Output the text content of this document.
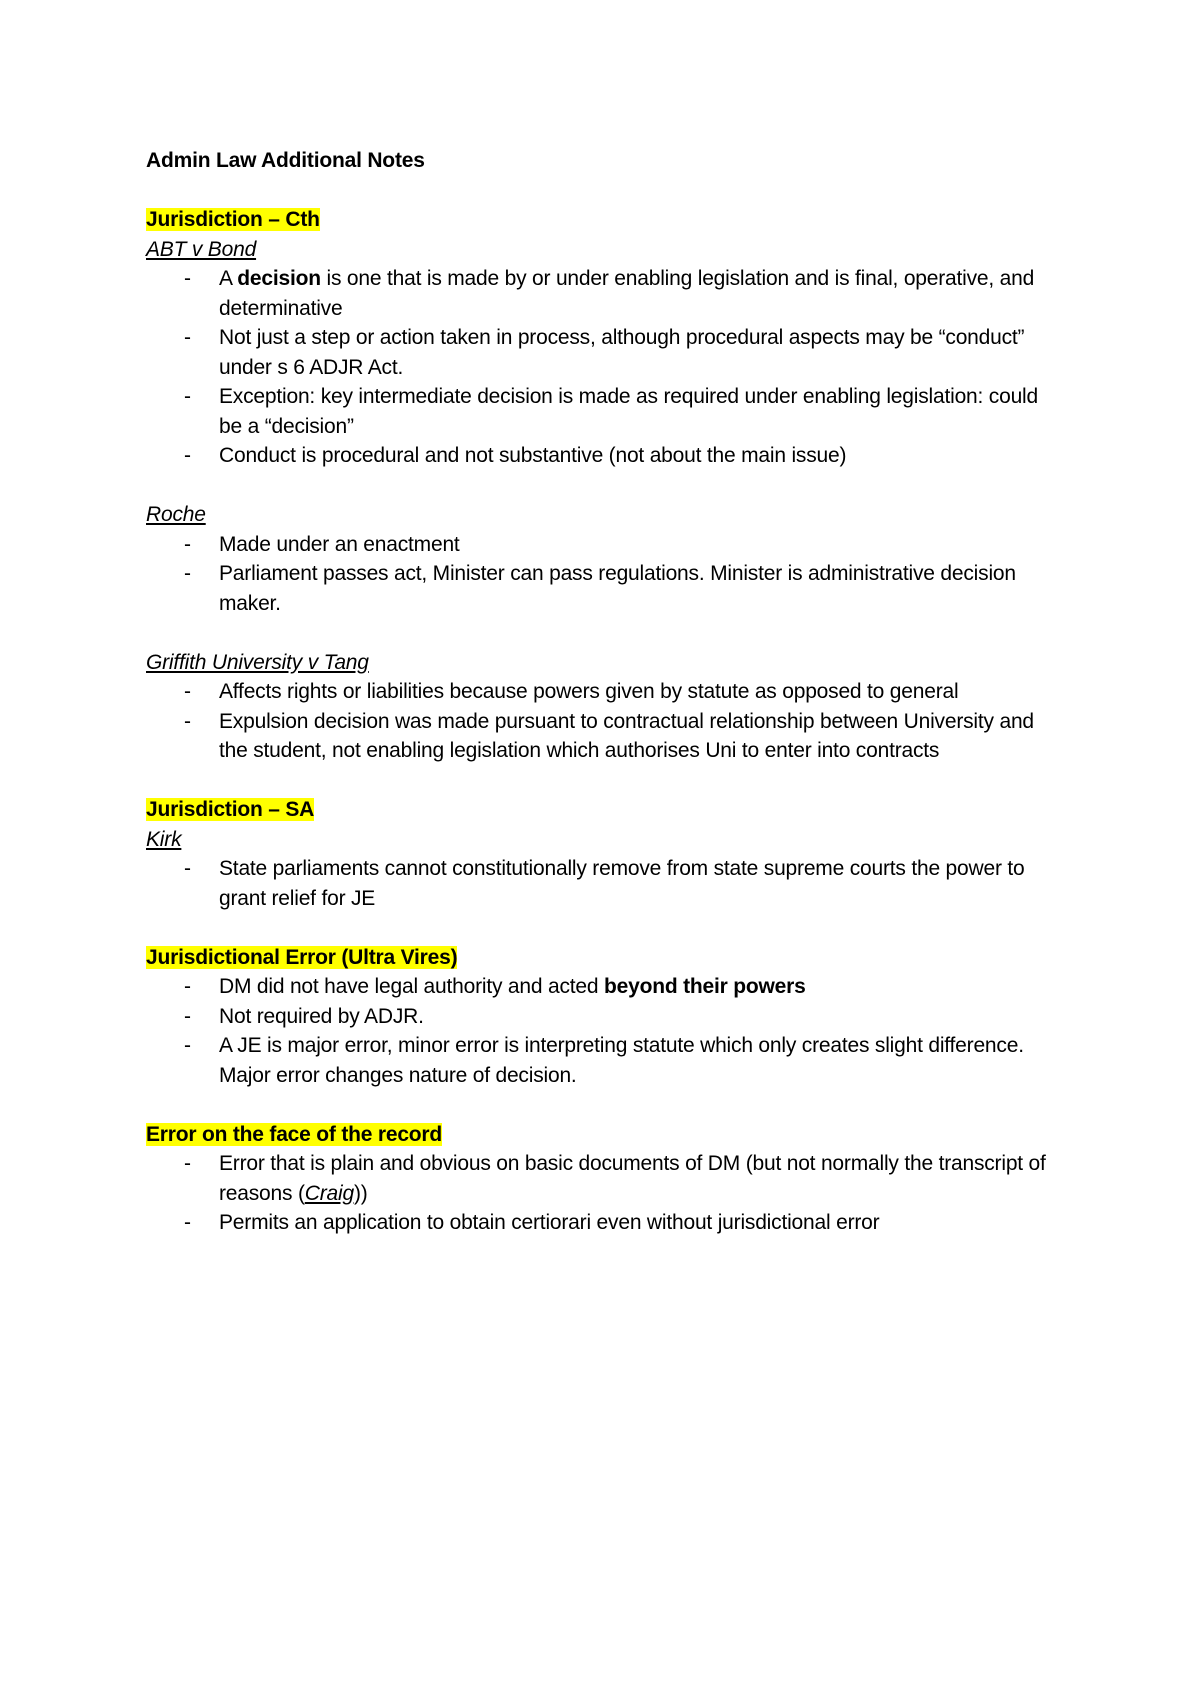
Admin Law Additional Notes

Jurisdiction – Cth

ABT v Bond

- A decision is one that is made by or under enabling legislation and is final, operative, and determinative
- Not just a step or action taken in process, although procedural aspects may be “conduct” under s 6 ADJR Act.
- Exception: key intermediate decision is made as required under enabling legislation: could be a “decision”
- Conduct is procedural and not substantive (not about the main issue)

Roche

- Made under an enactment
- Parliament passes act, Minister can pass regulations. Minister is administrative decision maker.

Griffith University v Tang

- Affects rights or liabilities because powers given by statute as opposed to general
- Expulsion decision was made pursuant to contractual relationship between University and the student, not enabling legislation which authorises Uni to enter into contracts

Jurisdiction – SA

Kirk

- State parliaments cannot constitutionally remove from state supreme courts the power to grant relief for JE

Jurisdictional Error (Ultra Vires)

- DM did not have legal authority and acted beyond their powers
- Not required by ADJR.
- A JE is major error, minor error is interpreting statute which only creates slight difference. Major error changes nature of decision.

Error on the face of the record

- Error that is plain and obvious on basic documents of DM (but not normally the transcript of reasons (Craig))
- Permits an application to obtain certiorari even without jurisdictional error
